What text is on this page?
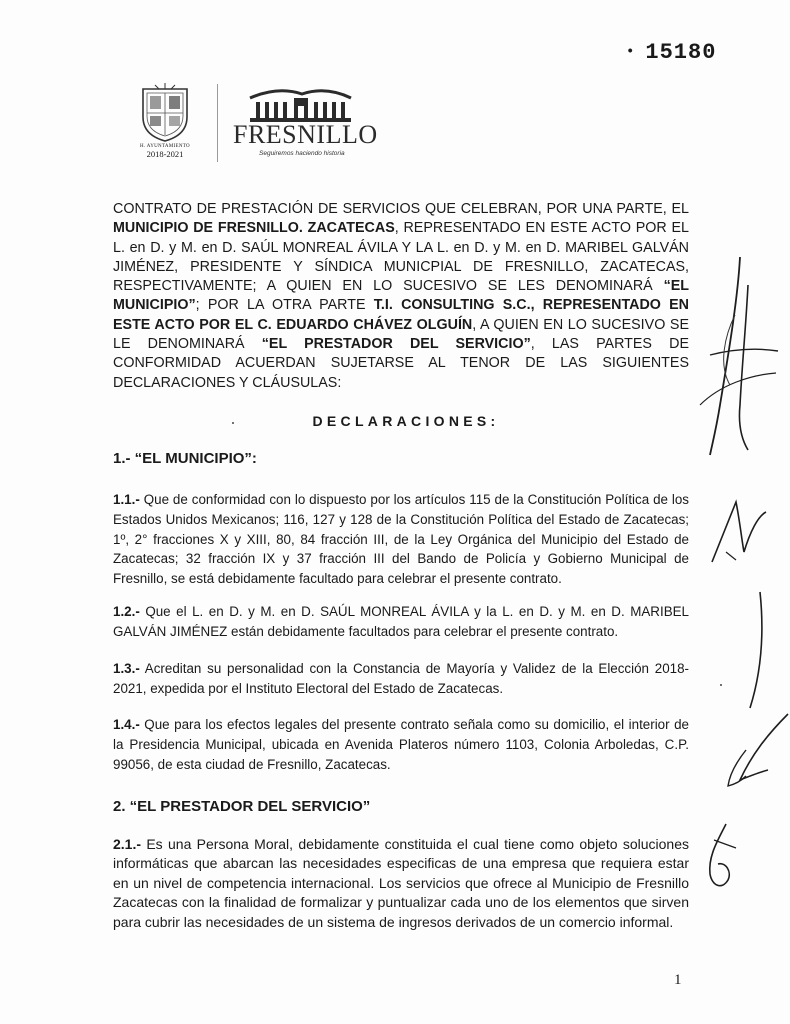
• 15180
H. AYUNTAMIENTO
2018-2021
FRESNILLO
Seguiremos haciendo historia

CONTRATO DE PRESTACIÓN DE SERVICIOS QUE CELEBRAN, POR UNA PARTE, EL MUNICIPIO DE FRESNILLO. ZACATECAS, REPRESENTADO EN ESTE ACTO POR EL L. en D. y M. en D. SAÚL MONREAL ÁVILA Y LA L. en D. y M. en D. MARIBEL GALVÁN JIMÉNEZ, PRESIDENTE Y SÍNDICA MUNICPIAL DE FRESNILLO, ZACATECAS, RESPECTIVAMENTE; A QUIEN EN LO SUCESIVO SE LES DENOMINARÁ “EL MUNICIPIO”; POR LA OTRA PARTE T.I. CONSULTING S.C., REPRESENTADO EN ESTE ACTO POR EL C. EDUARDO CHÁVEZ OLGUÍN, A QUIEN EN LO SUCESIVO SE LE DENOMINARÁ “EL PRESTADOR DEL SERVICIO”, LAS PARTES DE CONFORMIDAD ACUERDAN SUJETARSE AL TENOR DE LAS SIGUIENTES DECLARACIONES Y CLÁUSULAS:

DECLARACIONES:
1.- “EL MUNICIPIO”:

1.1.- Que de conformidad con lo dispuesto por los artículos 115 de la Constitución Política de los Estados Unidos Mexicanos; 116, 127 y 128 de la Constitución Política del Estado de Zacatecas; 1º, 2° fracciones X y XIII, 80, 84 fracción III, de la Ley Orgánica del Municipio del Estado de Zacatecas; 32 fracción IX y 37 fracción III del Bando de Policía y Gobierno Municipal de Fresnillo, se está debidamente facultado para celebrar el presente contrato.

1.2.- Que el L. en D. y M. en D. SAÚL MONREAL ÁVILA y la L. en D. y M. en D. MARIBEL GALVÁN JIMÉNEZ están debidamente facultados para celebrar el presente contrato.

1.3.- Acreditan su personalidad con la Constancia de Mayoría y Validez de la Elección 2018-2021, expedida por el Instituto Electoral del Estado de Zacatecas.

1.4.- Que para los efectos legales del presente contrato señala como su domicilio, el interior de la Presidencia Municipal, ubicada en Avenida Plateros número 1103, Colonia Arboledas, C.P. 99056, de esta ciudad de Fresnillo, Zacatecas.

2. “EL PRESTADOR DEL SERVICIO”

2.1.- Es una Persona Moral, debidamente constituida el cual tiene como objeto soluciones informáticas que abarcan las necesidades especificas de una empresa que requiera estar en un nivel de competencia internacional. Los servicios que ofrece al Municipio de Fresnillo Zacatecas con la finalidad de formalizar y puntualizar cada uno de los elementos que sirven para cubrir las necesidades de un sistema de ingresos derivados de un comercio informal.

1
